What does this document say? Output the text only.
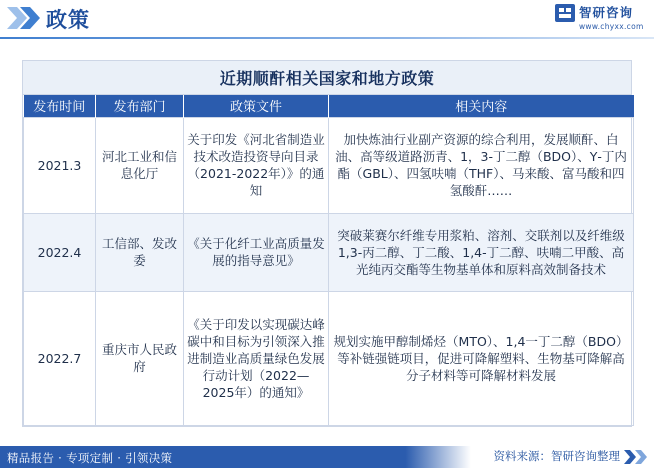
政策	智研咨询
www.chyxx.com
近期顺酐相关国家和地方政策
发布时间	发布部门	政策文件	相关内容
2021.3	河北工业和信息化厅	关于印发《河北省制造业技术改造投资导向目录（2021-2022年）》的通知	加快炼油行业副产资源的综合利用，发展顺酐、白油、高等级道路沥青、1，3-丁二醇（BDO）、Υ-丁内酯（GBL）、四氢呋喃（THF）、马来酸、富马酸和四氢酸酐……
2022.4	工信部、发改委	《关于化纤工业高质量发展的指导意见》	突破莱赛尔纤维专用浆粕、溶剂、交联剂以及纤维级1,3-丙二醇、丁二酸、1,4-丁二醇、呋喃二甲酸、高光纯丙交酯等生物基单体和原料高效制备技术
2022.7	重庆市人民政府	《关于印发以实现碳达峰碳中和目标为引领深入推进制造业高质量绿色发展行动计划（2022—2025年）的通知》	规划实施甲醇制烯烃（MTO）、1,4一丁二醇（BDO）等补链强链项目，促进可降解塑料、生物基可降解高分子材料等可降解材料发展
精品报告 · 专项定制 · 引领决策	资料来源：智研咨询整理
